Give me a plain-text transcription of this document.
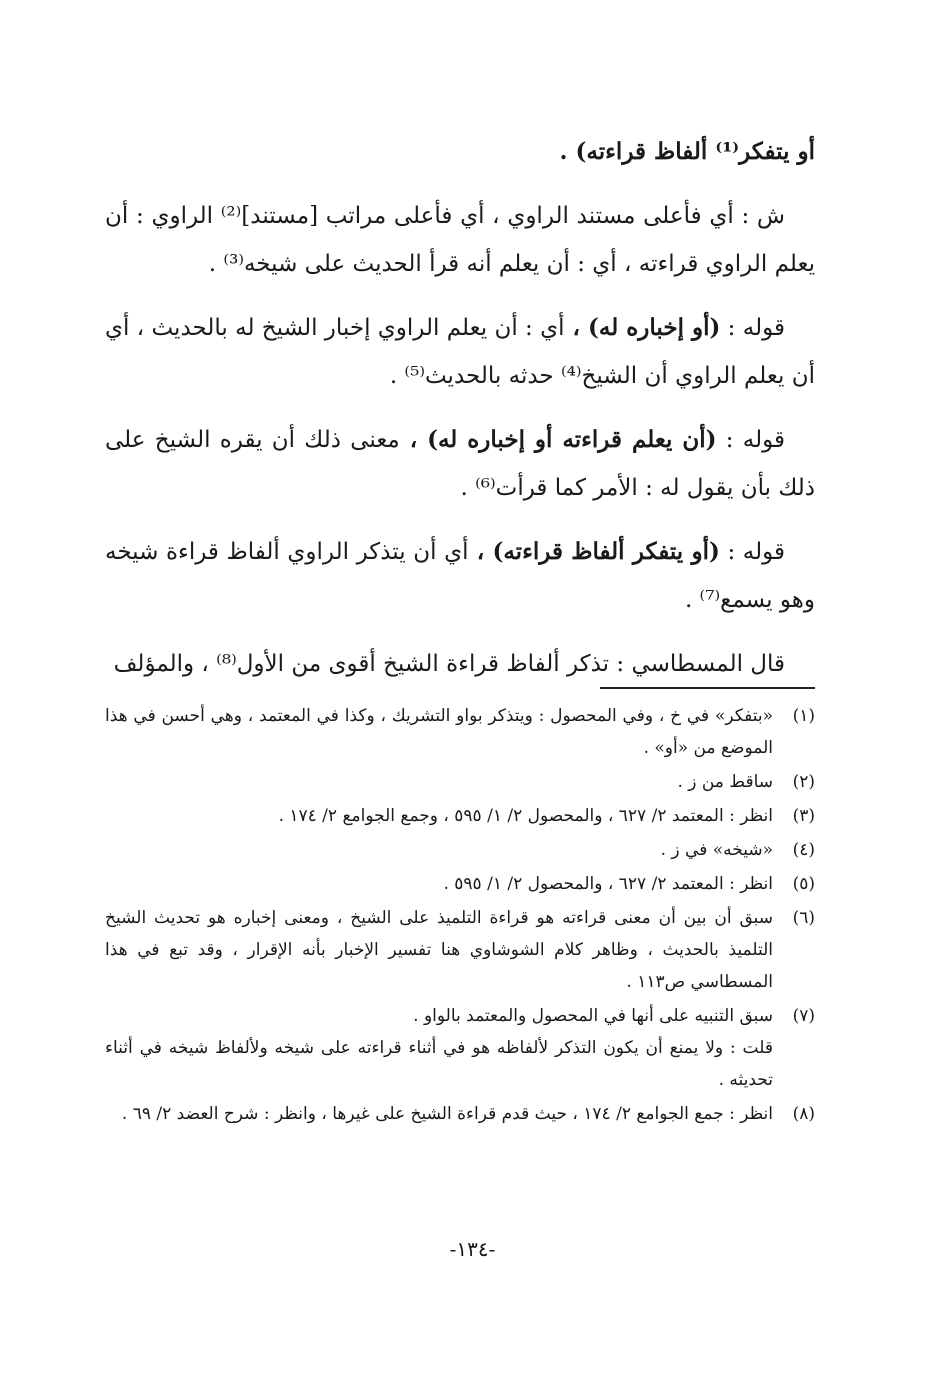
أو يتفكر⁽¹⁾ ألفاظ قراءته) .

ش : أي فأعلى مستند الراوي ، أي فأعلى مراتب [مستند]⁽²⁾ الراوي : أن يعلم الراوي قراءته ، أي : أن يعلم أنه قرأ الحديث على شيخه⁽³⁾ .

قوله : (أو إخباره له) ، أي : أن يعلم الراوي إخبار الشيخ له بالحديث ، أي أن يعلم الراوي أن الشيخ⁽⁴⁾ حدثه بالحديث⁽⁵⁾ .

قوله : (أن يعلم قراءته أو إخباره له) ، معنى ذلك أن يقره الشيخ على ذلك بأن يقول له : الأمر كما قرأت⁽⁶⁾ .

قوله : (أو يتفكر ألفاظ قراءته) ، أي أن يتذكر الراوي ألفاظ قراءة شيخه وهو يسمع⁽⁷⁾ .

قال المسطاسي : تذكر ألفاظ قراءة الشيخ أقوى من الأول⁽⁸⁾ ، والمؤلف

(١)
«بتفكر» في خ ، وفي المحصول : ويتذكر بواو التشريك ، وكذا في المعتمد ، وهي أحسن في هذا الموضع من «أو» .
(٢)
ساقط من ز .
(٣)
انظر : المعتمد ٢/ ٦٢٧ ، والمحصول ٢/ ١/ ٥٩٥ ، وجمع الجوامع ٢/ ١٧٤ .
(٤)
«شيخه» في ز .
(٥)
انظر : المعتمد ٢/ ٦٢٧ ، والمحصول ٢/ ١/ ٥٩٥ .
(٦)
سبق أن بين أن معنى قراءته هو قراءة التلميذ على الشيخ ، ومعنى إخباره هو تحديث الشيخ التلميذ بالحديث ، وظاهر كلام الشوشاوي هنا تفسير الإخبار بأنه الإقرار ، وقد تبع في هذا المسطاسي ص١١٣ .
(٧)
سبق التنبيه على أنها في المحصول والمعتمد بالواو .
قلت : ولا يمنع أن يكون التذكر لألفاظه هو في أثناء قراءته على شيخه ولألفاظ شيخه في أثناء تحديثه .
(٨)
انظر : جمع الجوامع ٢/ ١٧٤ ، حيث قدم قراءة الشيخ على غيرها ، وانظر : شرح العضد ٢/ ٦٩ .
-١٣٤-
